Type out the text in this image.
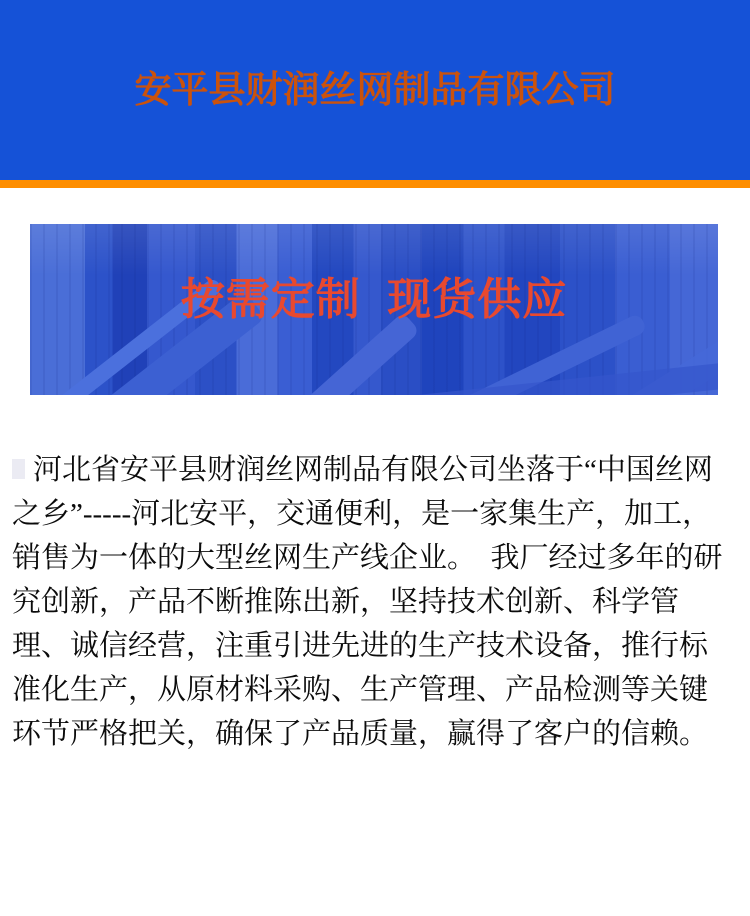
安平县财润丝网制品有限公司
按需定制  现货供应
河北省安平县财润丝网制品有限公司坐落于“中国丝网
之乡”-----河北安平，交通便利，是一家集生产，加工，
销售为一体的大型丝网生产线企业。　我厂经过多年的研
究创新，产品不断推陈出新，坚持技术创新、科学管
理、诚信经营，注重引进先进的生产技术设备，推行标
准化生产，从原材料采购、生产管理、产品检测等关键
环节严格把关，确保了产品质量，赢得了客户的信赖。
